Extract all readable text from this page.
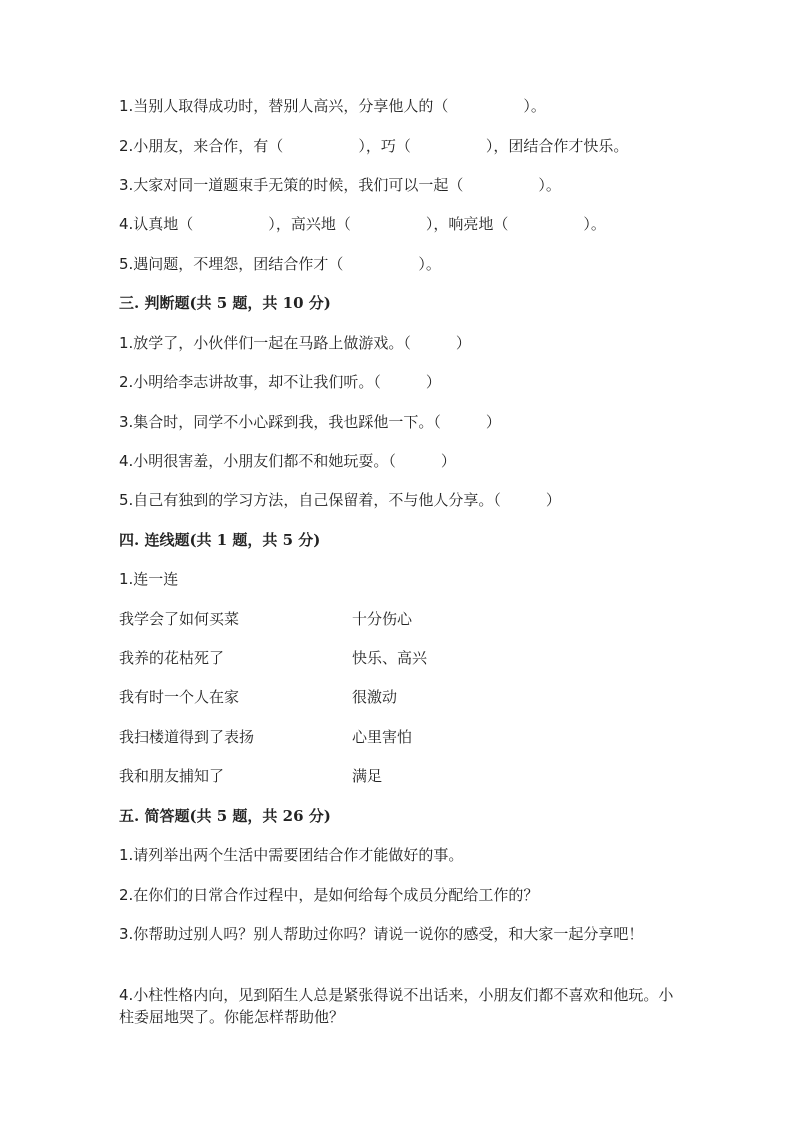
1.当别人取得成功时，替别人高兴，分享他人的（　　　　　）。
2.小朋友，来合作，有（　　　　　），巧（　　　　　），团结合作才快乐。
3.大家对同一道题束手无策的时候，我们可以一起（　　　　　）。
4.认真地（　　　　　），高兴地（　　　　　），响亮地（　　　　　）。
5.遇问题，不埋怨，团结合作才（　　　　　）。
三. 判断题(共 5 题，共 10 分)
1.放学了，小伙伴们一起在马路上做游戏。（　　　）
2.小明给李志讲故事，却不让我们听。（　　　）
3.集合时，同学不小心踩到我，我也踩他一下。（　　　）
4.小明很害羞，小朋友们都不和她玩耍。（　　　）
5.自己有独到的学习方法，自己保留着，不与他人分享。（　　　）
四. 连线题(共 1 题，共 5 分)
1.连一连
我学会了如何买菜	十分伤心
我养的花枯死了	快乐、高兴
我有时一个人在家	很激动
我扫楼道得到了表扬	心里害怕
我和朋友捕知了	满足
五. 简答题(共 5 题，共 26 分)
1.请列举出两个生活中需要团结合作才能做好的事。
2.在你们的日常合作过程中，是如何给每个成员分配给工作的？
3.你帮助过别人吗？别人帮助过你吗？请说一说你的感受，和大家一起分享吧！
4.小柱性格内向，见到陌生人总是紧张得说不出话来，小朋友们都不喜欢和他玩。小柱委屈地哭了。你能怎样帮助他？
